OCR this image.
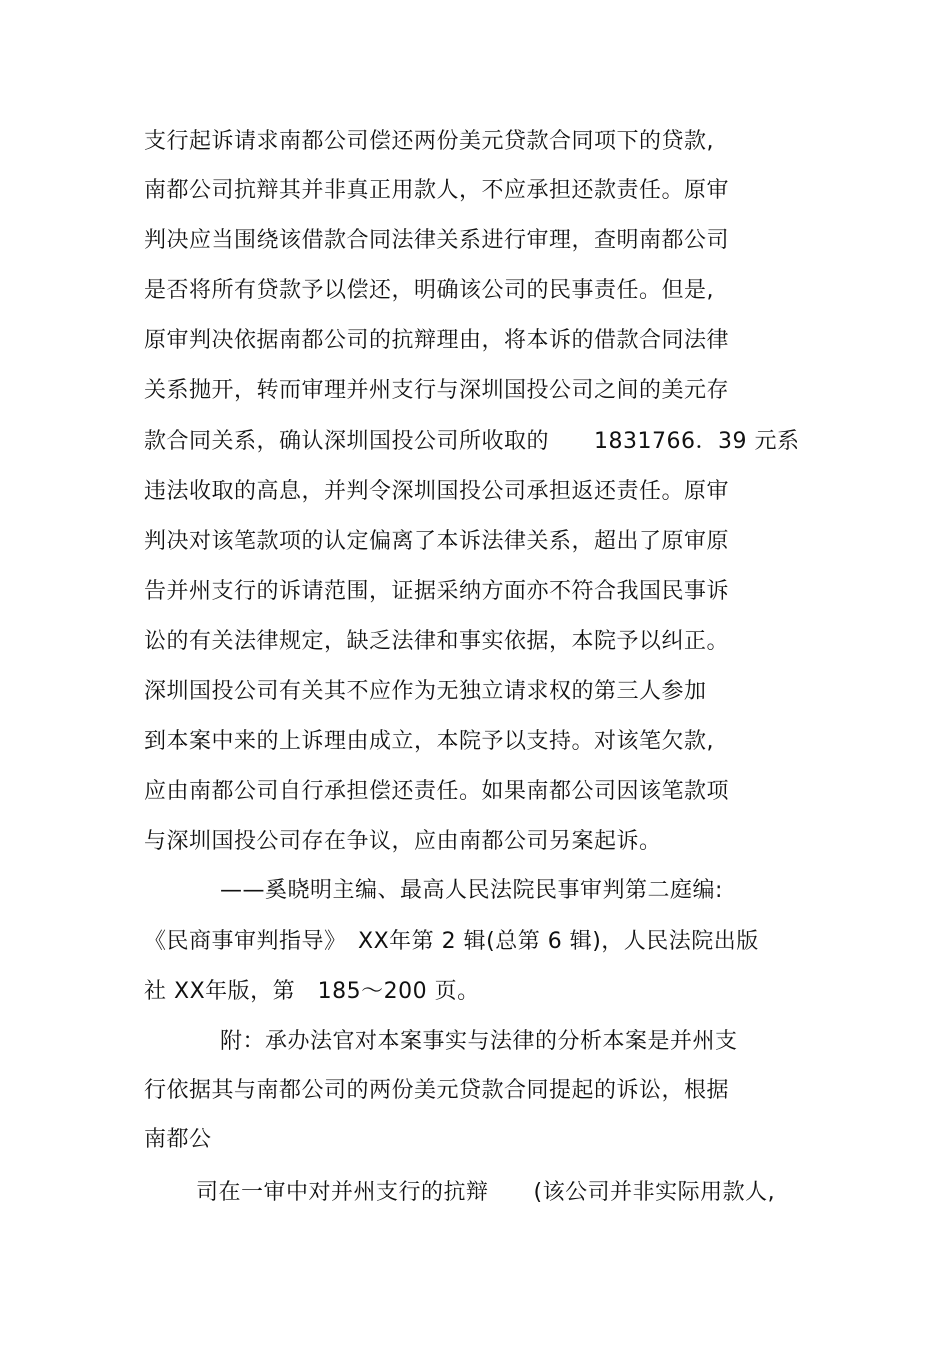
支行起诉请求南都公司偿还两份美元贷款合同项下的贷款,
南都公司抗辩其并非真正用款人，不应承担还款责任。原审
判决应当围绕该借款合同法律关系进行审理，查明南都公司
是否将所有贷款予以偿还，明确该公司的民事责任。但是,
原审判决依据南都公司的抗辩理由，将本诉的借款合同法律
关系抛开，转而审理并州支行与深圳国投公司之间的美元存
款合同关系，确认深圳国投公司所收取的　　1831766．39 元系
违法收取的高息，并判令深圳国投公司承担返还责任。原审
判决对该笔款项的认定偏离了本诉法律关系，超出了原审原
告并州支行的诉请范围，证据采纳方面亦不符合我国民事诉
讼的有关法律规定，缺乏法律和事实依据，本院予以纠正。
深圳国投公司有关其不应作为无独立请求权的第三人参加
到本案中来的上诉理由成立，本院予以支持。对该笔欠款,
应由南都公司自行承担偿还责任。如果南都公司因该笔款项
与深圳国投公司存在争议，应由南都公司另案起诉。
——奚晓明主编、最高人民法院民事审判第二庭编:
《民商事审判指导》　XX年第 2 辑(总第 6 辑)，人民法院出版
社 XX年版，第　185～200 页。
附：承办法官对本案事实与法律的分析本案是并州支
行依据其与南都公司的两份美元贷款合同提起的诉讼，根据
南都公
司在一审中对并州支行的抗辩　　(该公司并非实际用款人,
